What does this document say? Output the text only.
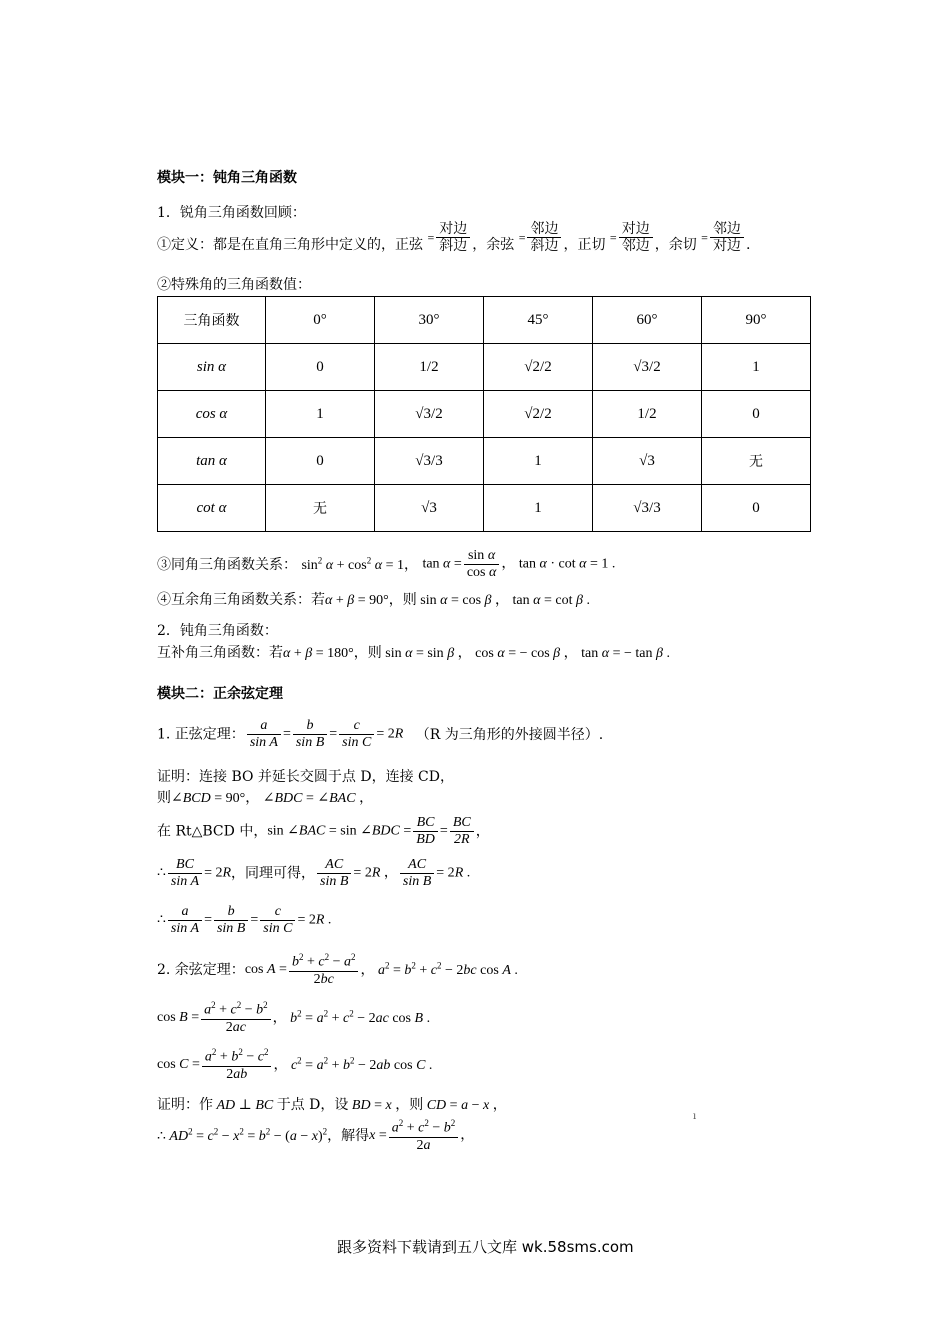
模块一：钝角三角函数
1．锐角三角函数回顾：
①定义：都是在直角三角形中定义的，正弦 = $\frac{\text{对边}}{\text{斜边}}$ ，余弦 = $\frac{\text{邻边}}{\text{斜边}}$ ，正切 = $\frac{\text{对边}}{\text{邻边}}$ ，余切 = $\frac{\text{邻边}}{\text{对边}}$ .
②特殊角的三角函数值：
三角函数	0°	30°	45°	60°	90°
sin α	0	1/2	√2/2	√3/2	1
cos α	1	√3/2	√2/2	1/2	0
tan α	0	√3/3	1	√3	无
cot α	无	√3	1	√3/3	0
③同角三角函数关系： $\sin^2 \alpha + \cos^2 \alpha = 1$， $\tan \alpha = \frac{\text{sin α}}{\text{cos α}}$ ， tan α · cot α = 1 .
④互余角三角函数关系：若α + β = 90°，则 sin α = cos β ， tan α = cot β .
2．钝角三角函数：
互补角三角函数：若α + β = 180°，则 sin α = sin β ， cos α = − cos β ， tan α = − tan β .
模块二：正余弦定理
1. 正弦定理： $\frac{a}{\text{sin A}} = \frac{b}{\text{sin B}} = \frac{c}{\text{sin C}} = 2R$ （R 为三角形的外接圆半径）.
证明：连接 BO 并延长交圆于点 D，连接 CD，
则∠BCD = 90°， ∠BDC = ∠BAC ，
在 Rt△BCD 中，sin ∠BAC = sin ∠BDC = $\frac{BC}{BD} = \frac{BC}{2R}$ ，
∴ $\frac{BC}{\text{sin A}} = 2R$，同理可得， $\frac{AC}{\text{sin B}} = 2R$ ， $\frac{AC}{\text{sin B}} = 2R$ .
∴ $\frac{a}{\text{sin A}} = \frac{b}{\text{sin B}} = \frac{c}{\text{sin C}} = 2R$ .
2. 余弦定理：$\cos A = \frac{b^2 + c^2 - a^2}{2bc}$ ， $a^2 = b^2 + c^2 - 2bc$ cos A .
$\cos B = \frac{a^2 + c^2 - b^2}{2ac}$ ， $b^2 = a^2 + c^2 - 2ac$ cos B .
$\cos C = \frac{a^2 + b^2 - c^2}{2ab}$ ， $c^2 = a^2 + b^2 - 2ab$ cos C .
证明：作 AD ⊥ BC 于点 D，设 BD = x ，则 CD = a − x ，
ı
∴ $AD^2 = c^2 - x^2 = b^2 - (a - x)^2$，解得$x = \frac{a^2 + c^2 - b^2}{2a}$ ，
跟多资料下载请到五八文库 wk.58sms.com
